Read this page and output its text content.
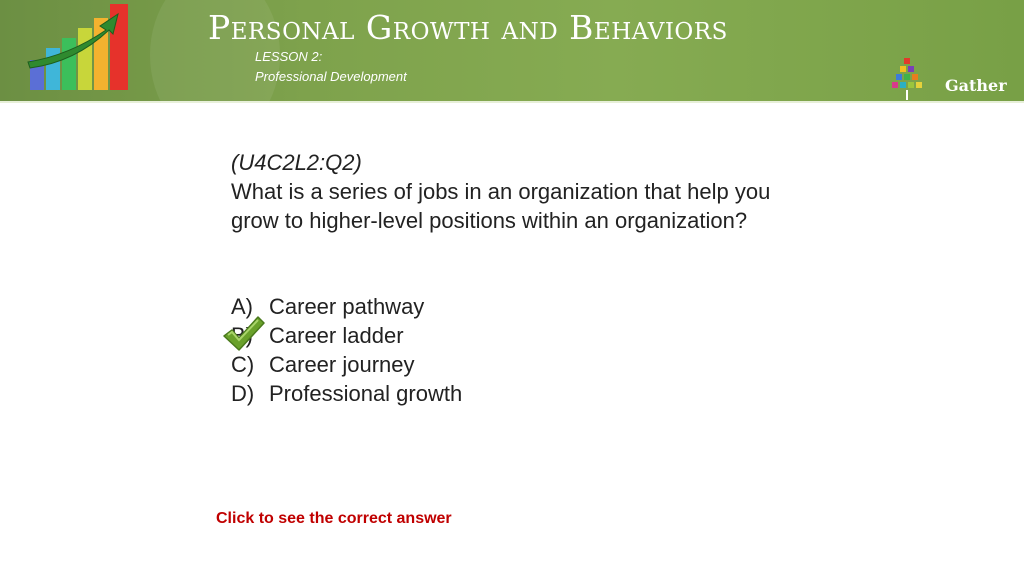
Personal Growth and Behaviors
LESSON 2:
Professional Development	Gather
(U4C2L2:Q2)
What is a series of jobs in an organization that help you grow to higher-level positions within an organization?
A) Career pathway
Career ladder
C) Career journey
D) Professional growth
Click to see the correct answer
